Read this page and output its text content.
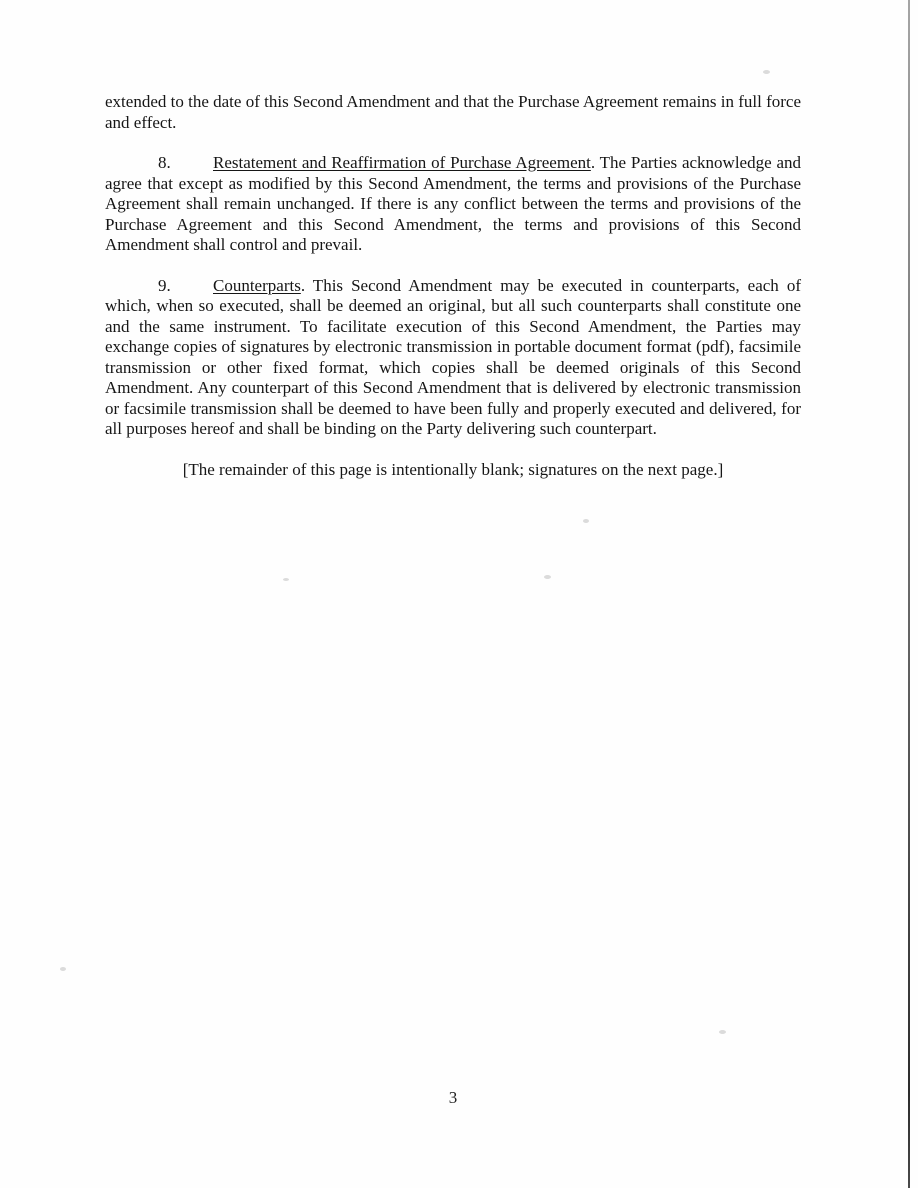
extended to the date of this Second Amendment and that the Purchase Agreement remains in full force and effect.

8. Restatement and Reaffirmation of Purchase Agreement. The Parties acknowledge and agree that except as modified by this Second Amendment, the terms and provisions of the Purchase Agreement shall remain unchanged. If there is any conflict between the terms and provisions of the Purchase Agreement and this Second Amendment, the terms and provisions of this Second Amendment shall control and prevail.

9. Counterparts. This Second Amendment may be executed in counterparts, each of which, when so executed, shall be deemed an original, but all such counterparts shall constitute one and the same instrument. To facilitate execution of this Second Amendment, the Parties may exchange copies of signatures by electronic transmission in portable document format (pdf), facsimile transmission or other fixed format, which copies shall be deemed originals of this Second Amendment. Any counterpart of this Second Amendment that is delivered by electronic transmission or facsimile transmission shall be deemed to have been fully and properly executed and delivered, for all purposes hereof and shall be binding on the Party delivering such counterpart.

[The remainder of this page is intentionally blank; signatures on the next page.]

3
